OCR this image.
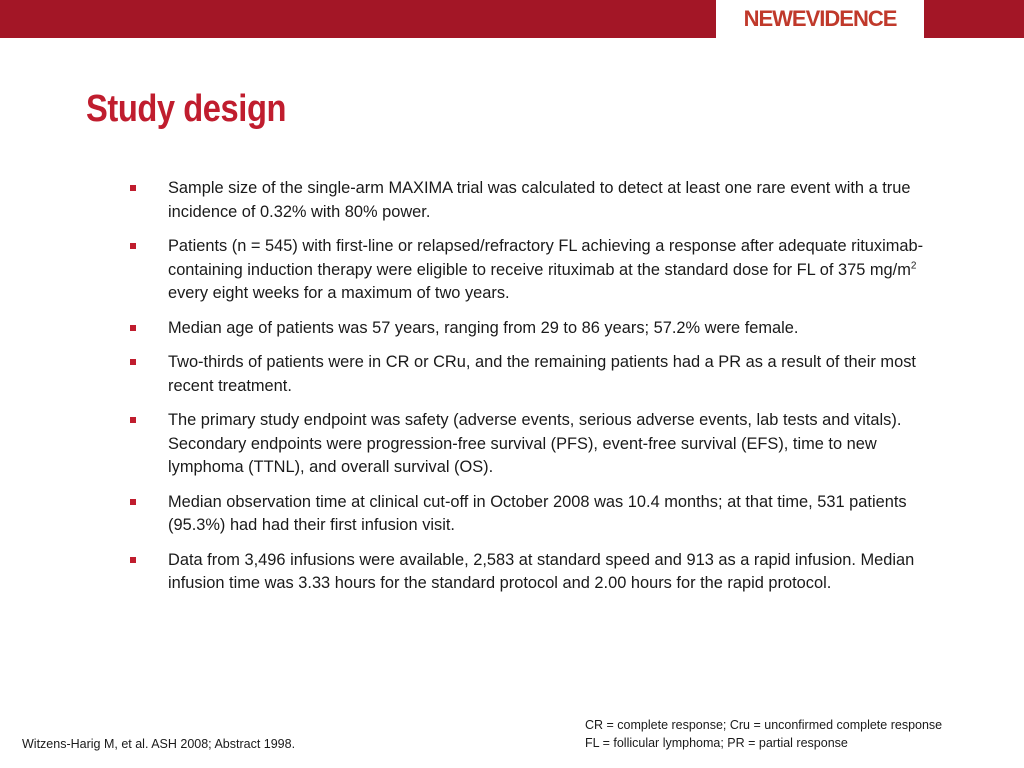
NEWEVIDENCE
Study design
Sample size of the single-arm MAXIMA trial was calculated to detect at least one rare event with a true incidence of 0.32% with 80% power.
Patients (n = 545) with first-line or relapsed/refractory FL achieving a response after adequate rituximab-containing induction therapy were eligible to receive rituximab at the standard dose for FL of 375 $mg/m^2$ every eight weeks for a maximum of two years.
Median age of patients was 57 years, ranging from 29 to 86 years; 57.2% were female.
Two-thirds of patients were in CR or CRu, and the remaining patients had a PR as a result of their most recent treatment.
The primary study endpoint was safety (adverse events, serious adverse events, lab tests and vitals). Secondary endpoints were progression-free survival (PFS), event-free survival (EFS), time to new lymphoma (TTNL), and overall survival (OS).
Median observation time at clinical cut-off in October 2008 was 10.4 months; at that time, 531 patients (95.3%) had had their first infusion visit.
Data from 3,496 infusions were available, 2,583 at standard speed and 913 as a rapid infusion. Median infusion time was 3.33 hours for the standard protocol and 2.00 hours for the rapid protocol.
Witzens-Harig M, et al. ASH 2008; Abstract 1998.
CR = complete response; Cru = unconfirmed complete response
FL = follicular lymphoma; PR = partial response
